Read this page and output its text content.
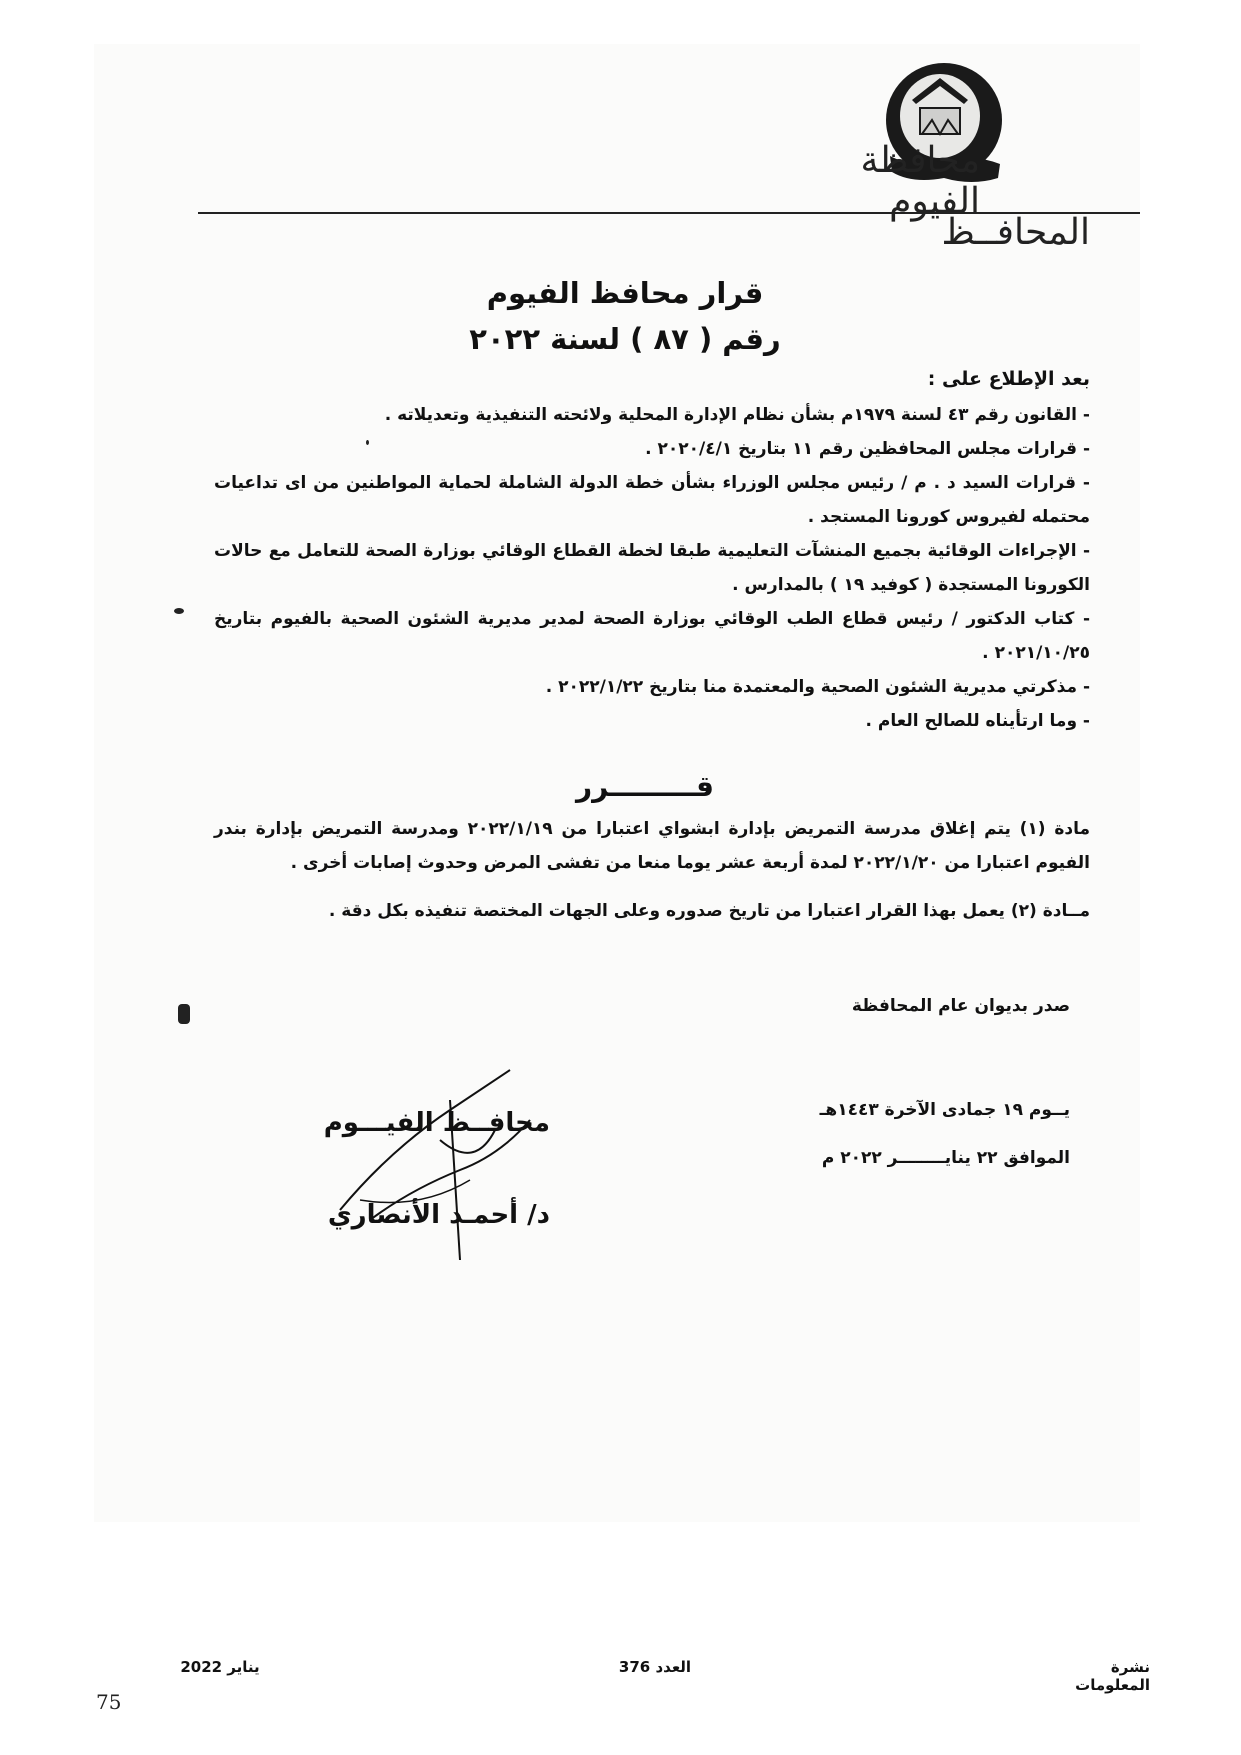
محافظة الفيوم
المحافــظ
قرار محافظ الفيوم
رقم ( ٨٧ ) لسنة ٢٠٢٢
بعد الإطلاع على :
- القانون رقم ٤٣ لسنة ١٩٧٩م بشأن نظام الإدارة المحلية ولائحته التنفيذية وتعديلاته .
- قرارات مجلس المحافظين رقم ١١ بتاريخ ٢٠٢٠/٤/١ .
- قرارات السيد د . م / رئيس مجلس الوزراء بشأن خطة الدولة الشاملة لحماية المواطنين من اى تداعيات محتمله لفيروس كورونا المستجد .
- الإجراءات الوقائية بجميع المنشآت التعليمية طبقا لخطة القطاع الوقائي بوزارة الصحة للتعامل مع حالات الكورونا المستجدة ( كوفيد ١٩ ) بالمدارس .
- كتاب الدكتور / رئيس قطاع الطب الوقائي بوزارة الصحة لمدير مديرية الشئون الصحية بالفيوم بتاريخ ٢٠٢١/١٠/٢٥ .
- مذكرتي مديرية الشئون الصحية والمعتمدة منا بتاريخ ٢٠٢٢/١/٢٢ .
- وما ارتأيناه للصالح العام .
قـــــــــرر

مادة (١) يتم إغلاق مدرسة التمريض بإدارة ابشواي اعتبارا من ٢٠٢٢/١/١٩ ومدرسة التمريض بإدارة بندر الفيوم اعتبارا من ٢٠٢٢/١/٢٠ لمدة أربعة عشر يوما منعا من تفشى المرض وحدوث إصابات أخرى .

مــادة (٢) يعمل بهذا القرار اعتبارا من تاريخ صدوره وعلى الجهات المختصة تنفيذه بكل دقة .

صدر بديوان عام المحافظة
يــوم ١٩ جمادى الآخرة ١٤٤٣هـ
الموافق ٢٢ ينايــــــــر ٢٠٢٢ م
محافــظ الفيـــوم
د/ أحمـد الأنصاري
نشرة المعلومات
العدد 376
يناير 2022
75
